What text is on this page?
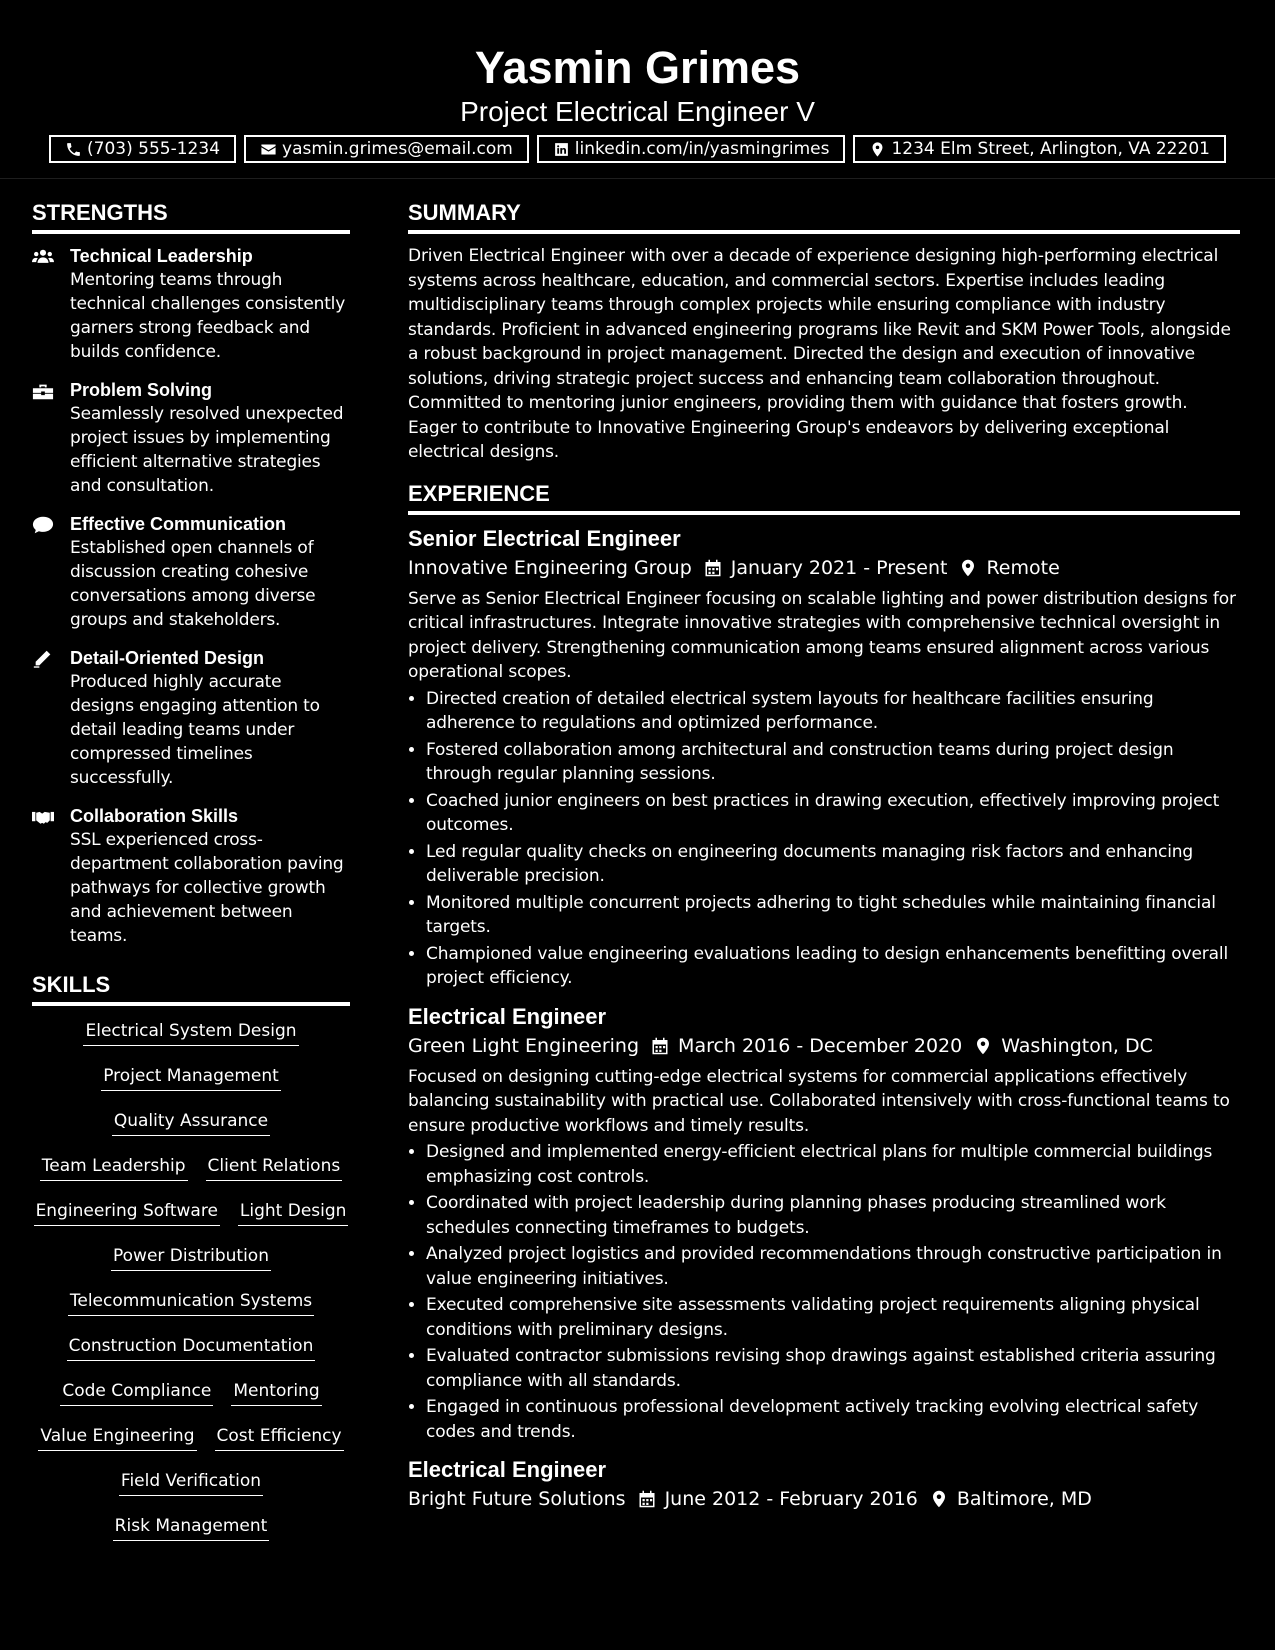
Yasmin Grimes
Project Electrical Engineer V
(703) 555-1234	yasmin.grimes@email.com	linkedin.com/in/yasmingrimes	1234 Elm Street, Arlington, VA 22201
STRENGTHS
Technical Leadership
Mentoring teams through technical challenges consistently garners strong feedback and builds confidence.
Problem Solving
Seamlessly resolved unexpected project issues by implementing efficient alternative strategies and consultation.
Effective Communication
Established open channels of discussion creating cohesive conversations among diverse groups and stakeholders.
Detail-Oriented Design
Produced highly accurate designs engaging attention to detail leading teams under compressed timelines successfully.
Collaboration Skills
SSL experienced cross-department collaboration paving pathways for collective growth and achievement between teams.
SKILLS
Electrical System Design
Project Management
Quality Assurance
Team Leadership Client Relations
Engineering Software Light Design
Power Distribution
Telecommunication Systems
Construction Documentation
Code Compliance Mentoring
Value Engineering Cost Efficiency
Field Verification
Risk Management
SUMMARY
Driven Electrical Engineer with over a decade of experience designing high-performing electrical systems across healthcare, education, and commercial sectors. Expertise includes leading multidisciplinary teams through complex projects while ensuring compliance with industry standards. Proficient in advanced engineering programs like Revit and SKM Power Tools, alongside a robust background in project management. Directed the design and execution of innovative solutions, driving strategic project success and enhancing team collaboration throughout. Committed to mentoring junior engineers, providing them with guidance that fosters growth. Eager to contribute to Innovative Engineering Group's endeavors by delivering exceptional electrical designs.
EXPERIENCE
Senior Electrical Engineer
Innovative Engineering Group January 2021 - Present Remote
Serve as Senior Electrical Engineer focusing on scalable lighting and power distribution designs for critical infrastructures. Integrate innovative strategies with comprehensive technical oversight in project delivery. Strengthening communication among teams ensured alignment across various operational scopes.
• Directed creation of detailed electrical system layouts for healthcare facilities ensuring adherence to regulations and optimized performance.
• Fostered collaboration among architectural and construction teams during project design through regular planning sessions.
• Coached junior engineers on best practices in drawing execution, effectively improving project outcomes.
• Led regular quality checks on engineering documents managing risk factors and enhancing deliverable precision.
• Monitored multiple concurrent projects adhering to tight schedules while maintaining financial targets.
• Championed value engineering evaluations leading to design enhancements benefitting overall project efficiency.
Electrical Engineer
Green Light Engineering March 2016 - December 2020 Washington, DC
Focused on designing cutting-edge electrical systems for commercial applications effectively balancing sustainability with practical use. Collaborated intensively with cross-functional teams to ensure productive workflows and timely results.
• Designed and implemented energy-efficient electrical plans for multiple commercial buildings emphasizing cost controls.
• Coordinated with project leadership during planning phases producing streamlined work schedules connecting timeframes to budgets.
• Analyzed project logistics and provided recommendations through constructive participation in value engineering initiatives.
• Executed comprehensive site assessments validating project requirements aligning physical conditions with preliminary designs.
• Evaluated contractor submissions revising shop drawings against established criteria assuring compliance with all standards.
• Engaged in continuous professional development actively tracking evolving electrical safety codes and trends.
Electrical Engineer
Bright Future Solutions June 2012 - February 2016 Baltimore, MD
